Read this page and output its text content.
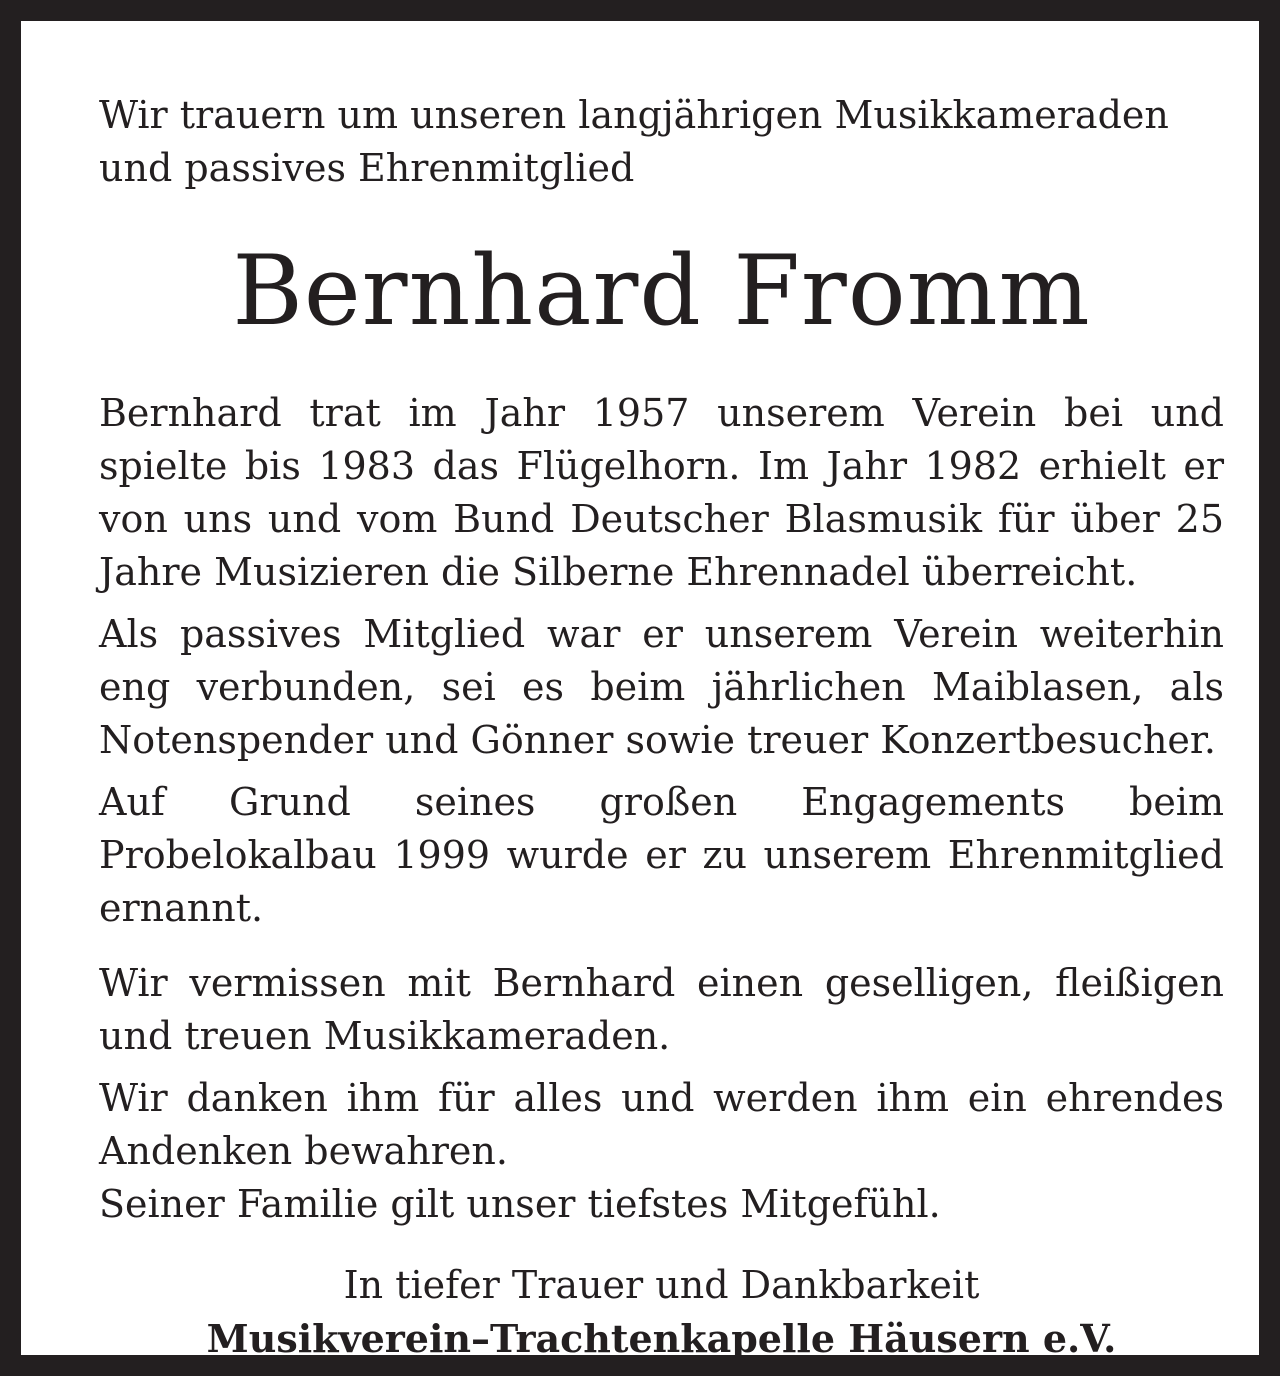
Wir trauern um unseren langjährigen Musikkameraden und passives Ehrenmitglied

Bernhard Fromm

Bernhard trat im Jahr 1957 unserem Verein bei und spielte bis 1983 das Flügelhorn. Im Jahr 1982 erhielt er von uns und vom Bund Deutscher Blasmusik für über 25 Jahre Musizieren die Silberne Ehrennadel überreicht.

Als passives Mitglied war er unserem Verein weiterhin eng verbunden, sei es beim jährlichen Maiblasen, als Notenspender und Gönner sowie treuer Konzertbesucher.

Auf Grund seines großen Engagements beim Probelokalbau 1999 wurde er zu unserem Ehrenmitglied ernannt.

Wir vermissen mit Bernhard einen geselligen, fleißigen und treuen Musikkameraden.

Wir danken ihm für alles und werden ihm ein ehrendes Andenken bewahren.

Seiner Familie gilt unser tiefstes Mitgefühl.

In tiefer Trauer und Dankbarkeit

Musikverein–Trachtenkapelle Häusern e.V.
